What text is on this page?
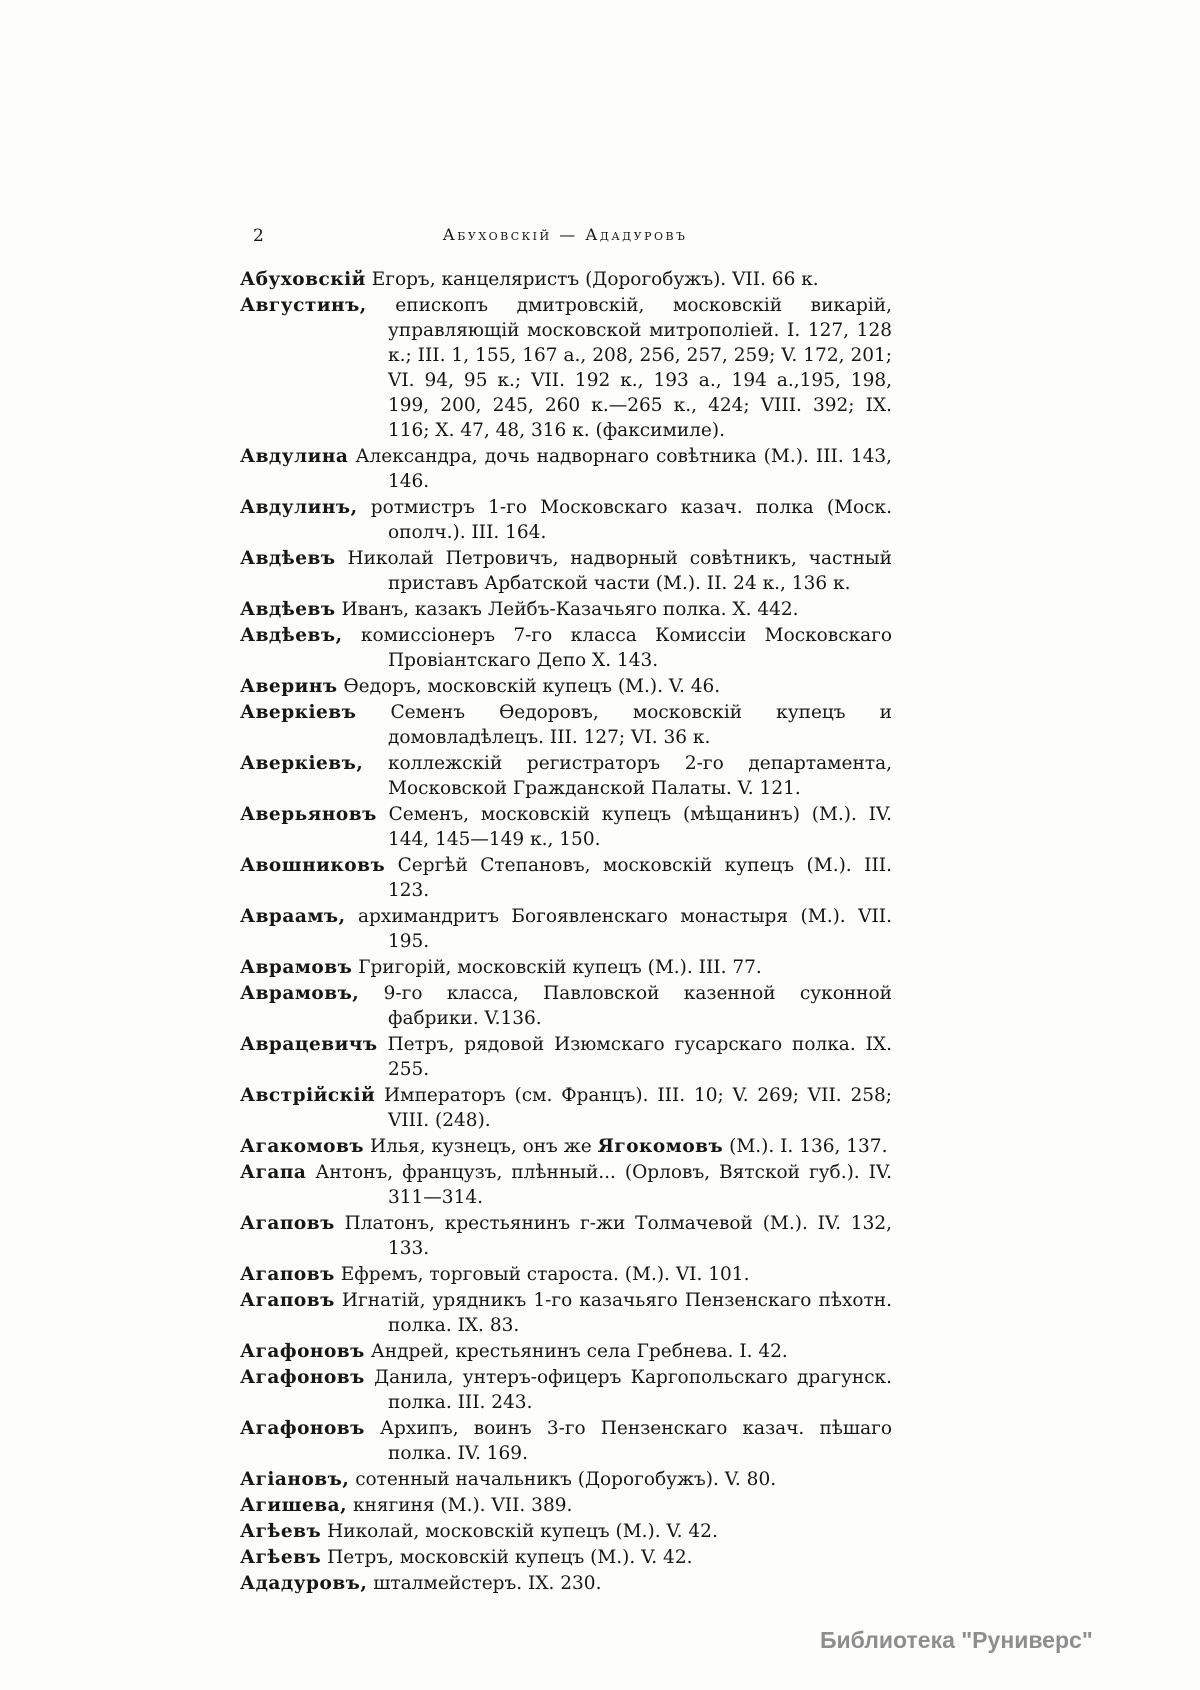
2	Абуховскій — Ададуровъ

Абуховскій Егоръ, канцеляристъ (Дорогобужъ). VII. 66 к.

Августинъ, епископъ дмитровскій, московскій викарій, управляющій московской митрополіей. I. 127, 128 к.; III. 1, 155, 167 а., 208, 256, 257, 259; V. 172, 201; VI. 94, 95 к.; VII. 192 к., 193 а., 194 а.,195, 198, 199, 200, 245, 260 к.—265 к., 424; VIII. 392; IX. 116; X. 47, 48, 316 к. (факсимиле).

Авдулина Александра, дочь надворнаго совѣтника (М.). III. 143, 146.

Авдулинъ, ротмистръ 1-го Московскаго казач. полка (Моск. ополч.). III. 164.

Авдѣевъ Николай Петровичъ, надворный совѣтникъ, частный приставъ Арбатской части (М.). II. 24 к., 136 к.

Авдѣевъ Иванъ, казакъ Лейбъ-Казачьяго полка. X. 442.

Авдѣевъ, комиссіонеръ 7-го класса Комиссіи Московскаго Провіантскаго Депо X. 143.

Аверинъ Ѳедоръ, московскій купецъ (М.). V. 46.

Аверкіевъ Семенъ Ѳедоровъ, московскій купецъ и домовладѣлецъ. III. 127; VI. 36 к.

Аверкіевъ, коллежскій регистраторъ 2-го департамента, Московской Гражданской Палаты. V. 121.

Аверьяновъ Семенъ, московскій купецъ (мѣщанинъ) (М.). IV. 144, 145—149 к., 150.

Авошниковъ Сергѣй Степановъ, московскій купецъ (М.). III. 123.

Авраамъ, архимандритъ Богоявленскаго монастыря (М.). VII. 195.

Аврамовъ Григорій, московскій купецъ (М.). III. 77.

Аврамовъ, 9-го класса, Павловской казенной суконной фабрики. V.136.

Аврацевичъ Петръ, рядовой Изюмскаго гусарскаго полка. IX. 255.

Австрійскій Императоръ (см. Францъ). III. 10; V. 269; VII. 258; VIII. (248).

Агакомовъ Илья, кузнецъ, онъ же Ягокомовъ (М.). I. 136, 137.

Агапа Антонъ, французъ, плѣнный... (Орловъ, Вятской губ.). IV. 311—314.

Агаповъ Платонъ, крестьянинъ г-жи Толмачевой (М.). IV. 132, 133.

Агаповъ Ефремъ, торговый староста. (М.). VI. 101.

Агаповъ Игнатій, урядникъ 1-го казачьяго Пензенскаго пѣхотн. полка. IX. 83.

Агафоновъ Андрей, крестьянинъ села Гребнева. I. 42.

Агафоновъ Данила, унтеръ-офицеръ Каргопольскаго драгунск. полка. III. 243.

Агафоновъ Архипъ, воинъ 3-го Пензенскаго казач. пѣшаго полка. IV. 169.

Агіановъ, сотенный начальникъ (Дорогобужъ). V. 80.

Агишева, княгиня (М.). VII. 389.

Агѣевъ Николай, московскій купецъ (М.). V. 42.

Агѣевъ Петръ, московскій купецъ (М.). V. 42.

Ададуровъ, шталмейстеръ. IX. 230.

Библиотека "Руниверс"
